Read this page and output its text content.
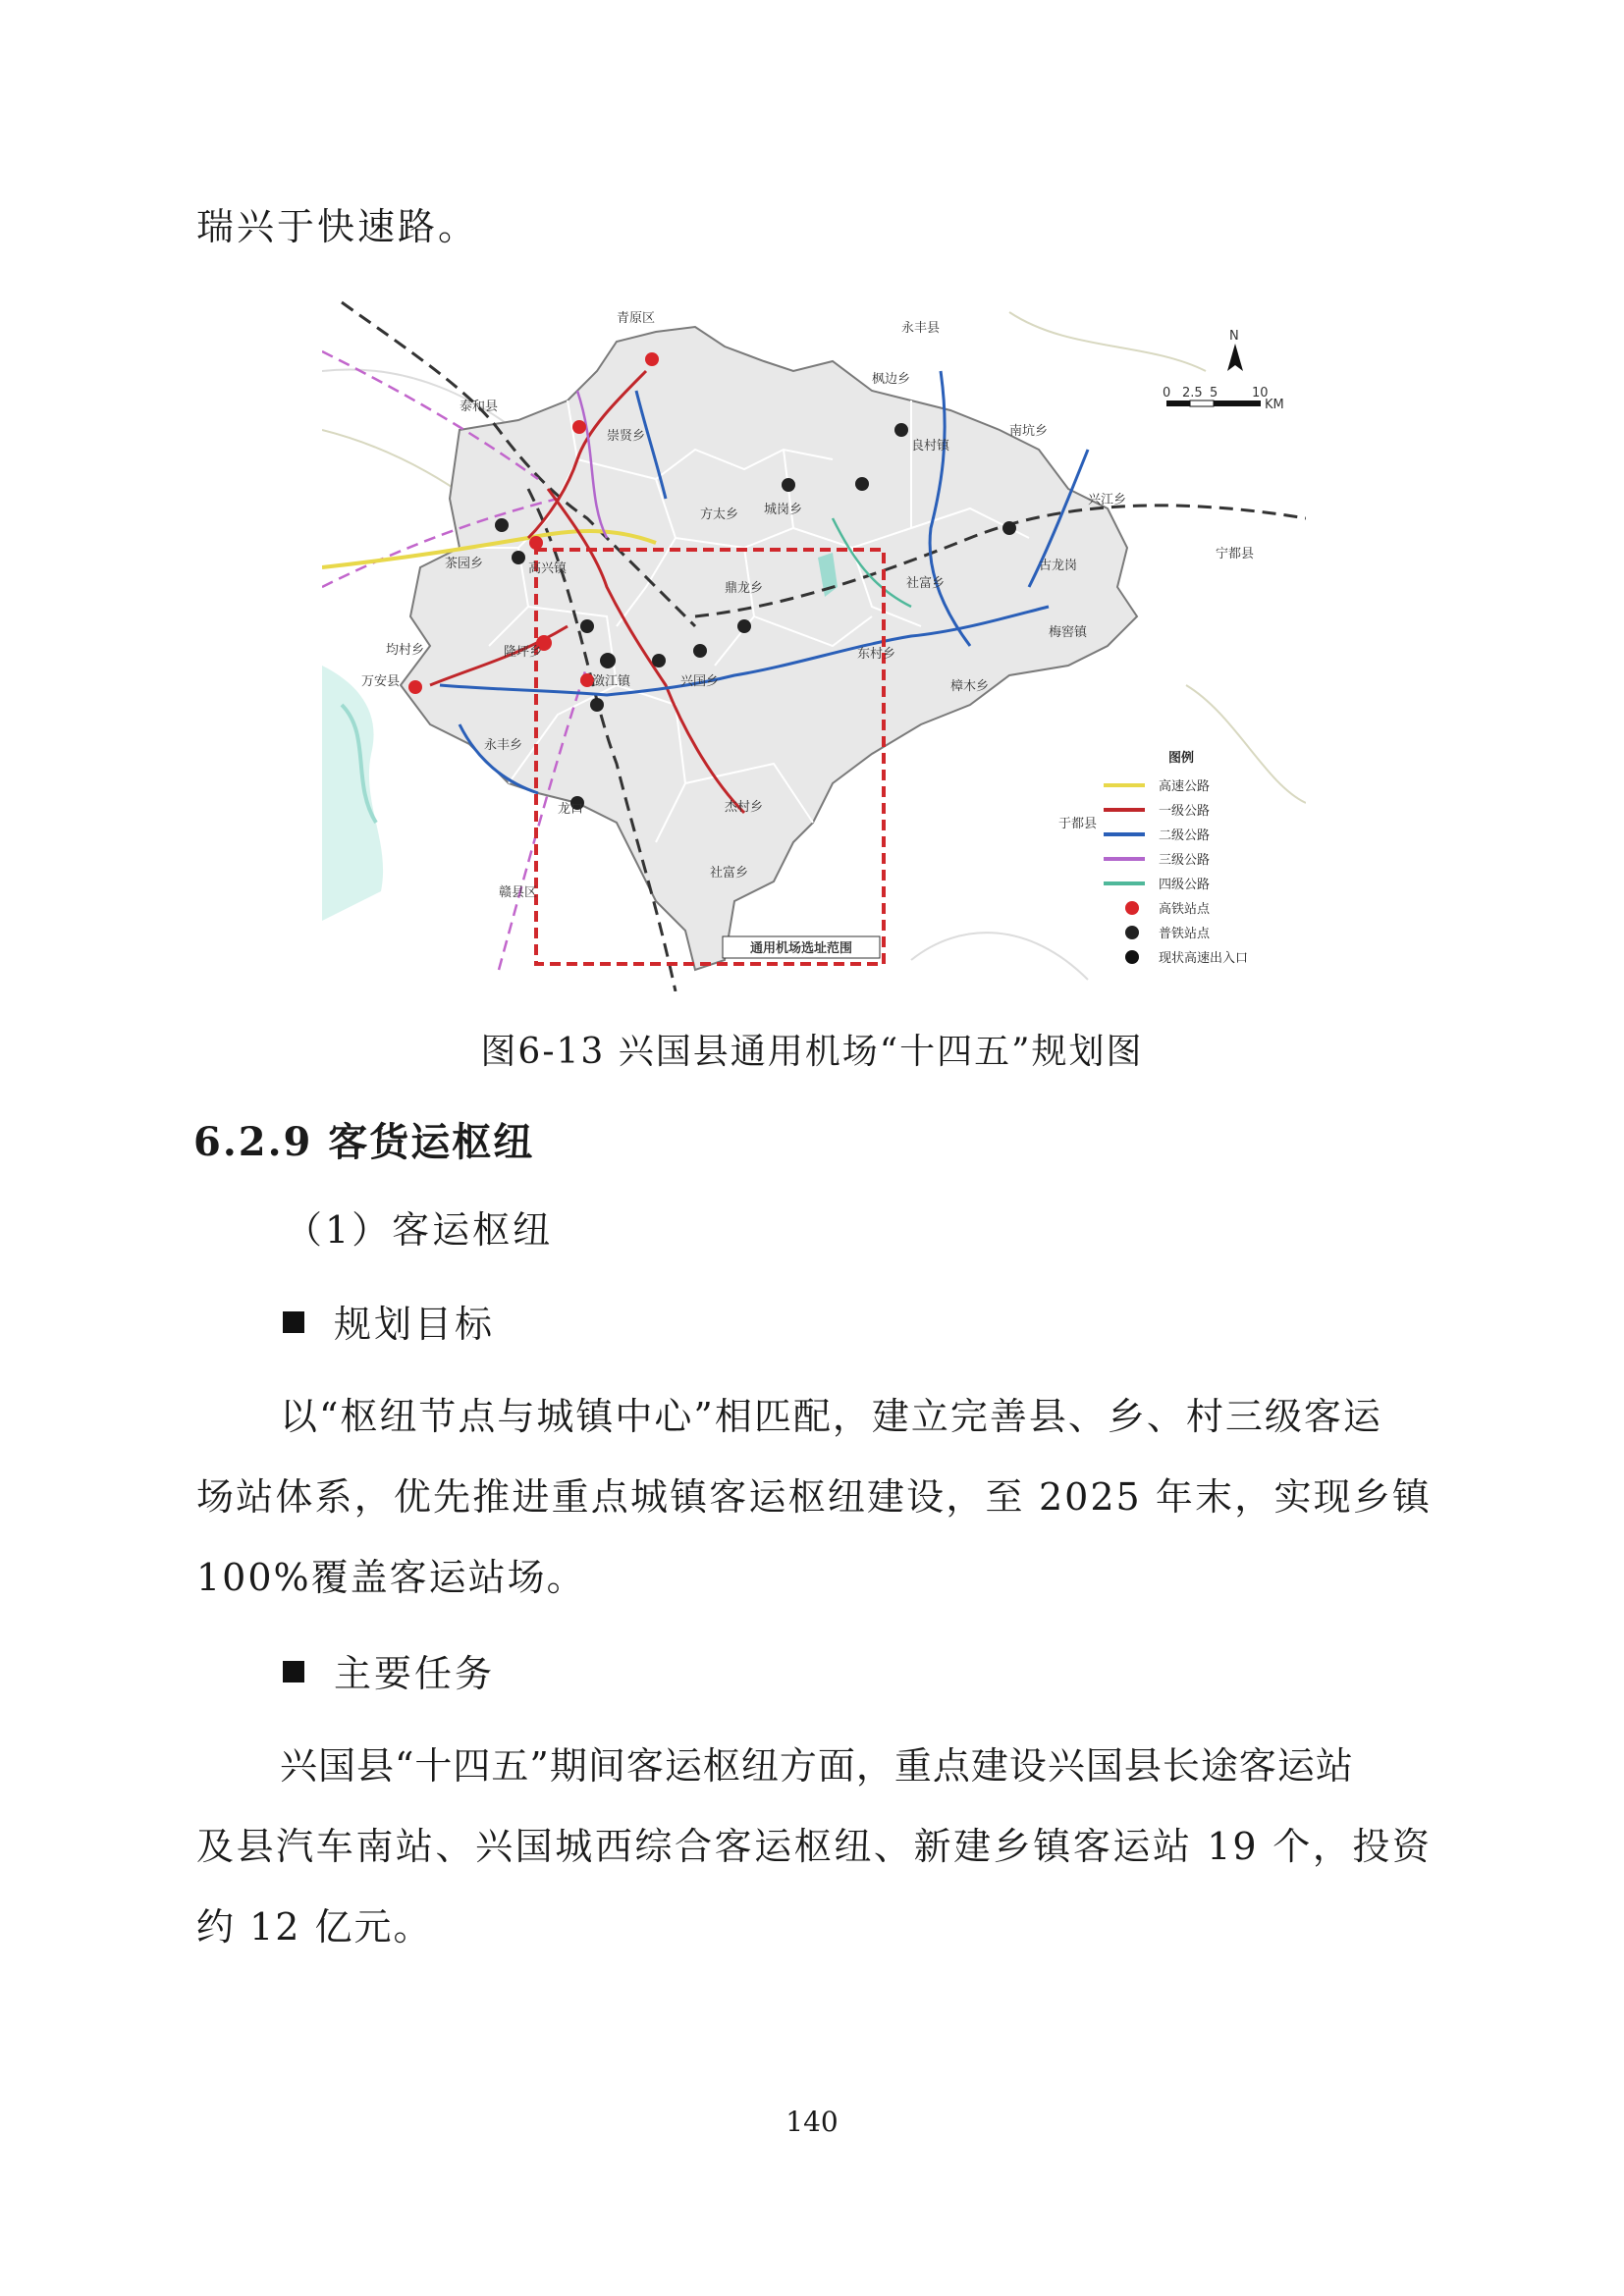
瑞兴于快速路。
通用机场选址范围
青原区
永丰县
泰和县
万安县
赣县区
宁都县
于都县
枫边乡
崇贤乡
良村镇
南坑乡
兴江乡
方太乡 城岗乡
茶园乡	高兴镇
鼎龙乡	社富乡
古龙岗
梅窖镇
均村乡	隆坪乡
潋江镇	兴国乡
东村乡
樟木乡
永丰乡
杰村乡
龙口
社富乡
N
0 2.5 5	10
KM
图例
高速公路
一级公路
二级公路
三级公路
四级公路
高铁站点
普铁站点
现状高速出入口
图6-13 兴国县通用机场“十四五”规划图
6.2.9 客货运枢纽
（1）客运枢纽
规划目标
以“枢纽节点与城镇中心”相匹配，建立完善县、乡、村三级客运
场站体系，优先推进重点城镇客运枢纽建设，至 2025 年末，实现乡镇
100%覆盖客运站场。
主要任务
兴国县“十四五”期间客运枢纽方面，重点建设兴国县长途客运站
及县汽车南站、兴国城西综合客运枢纽、新建乡镇客运站 19 个，投资
约 12 亿元。
140
